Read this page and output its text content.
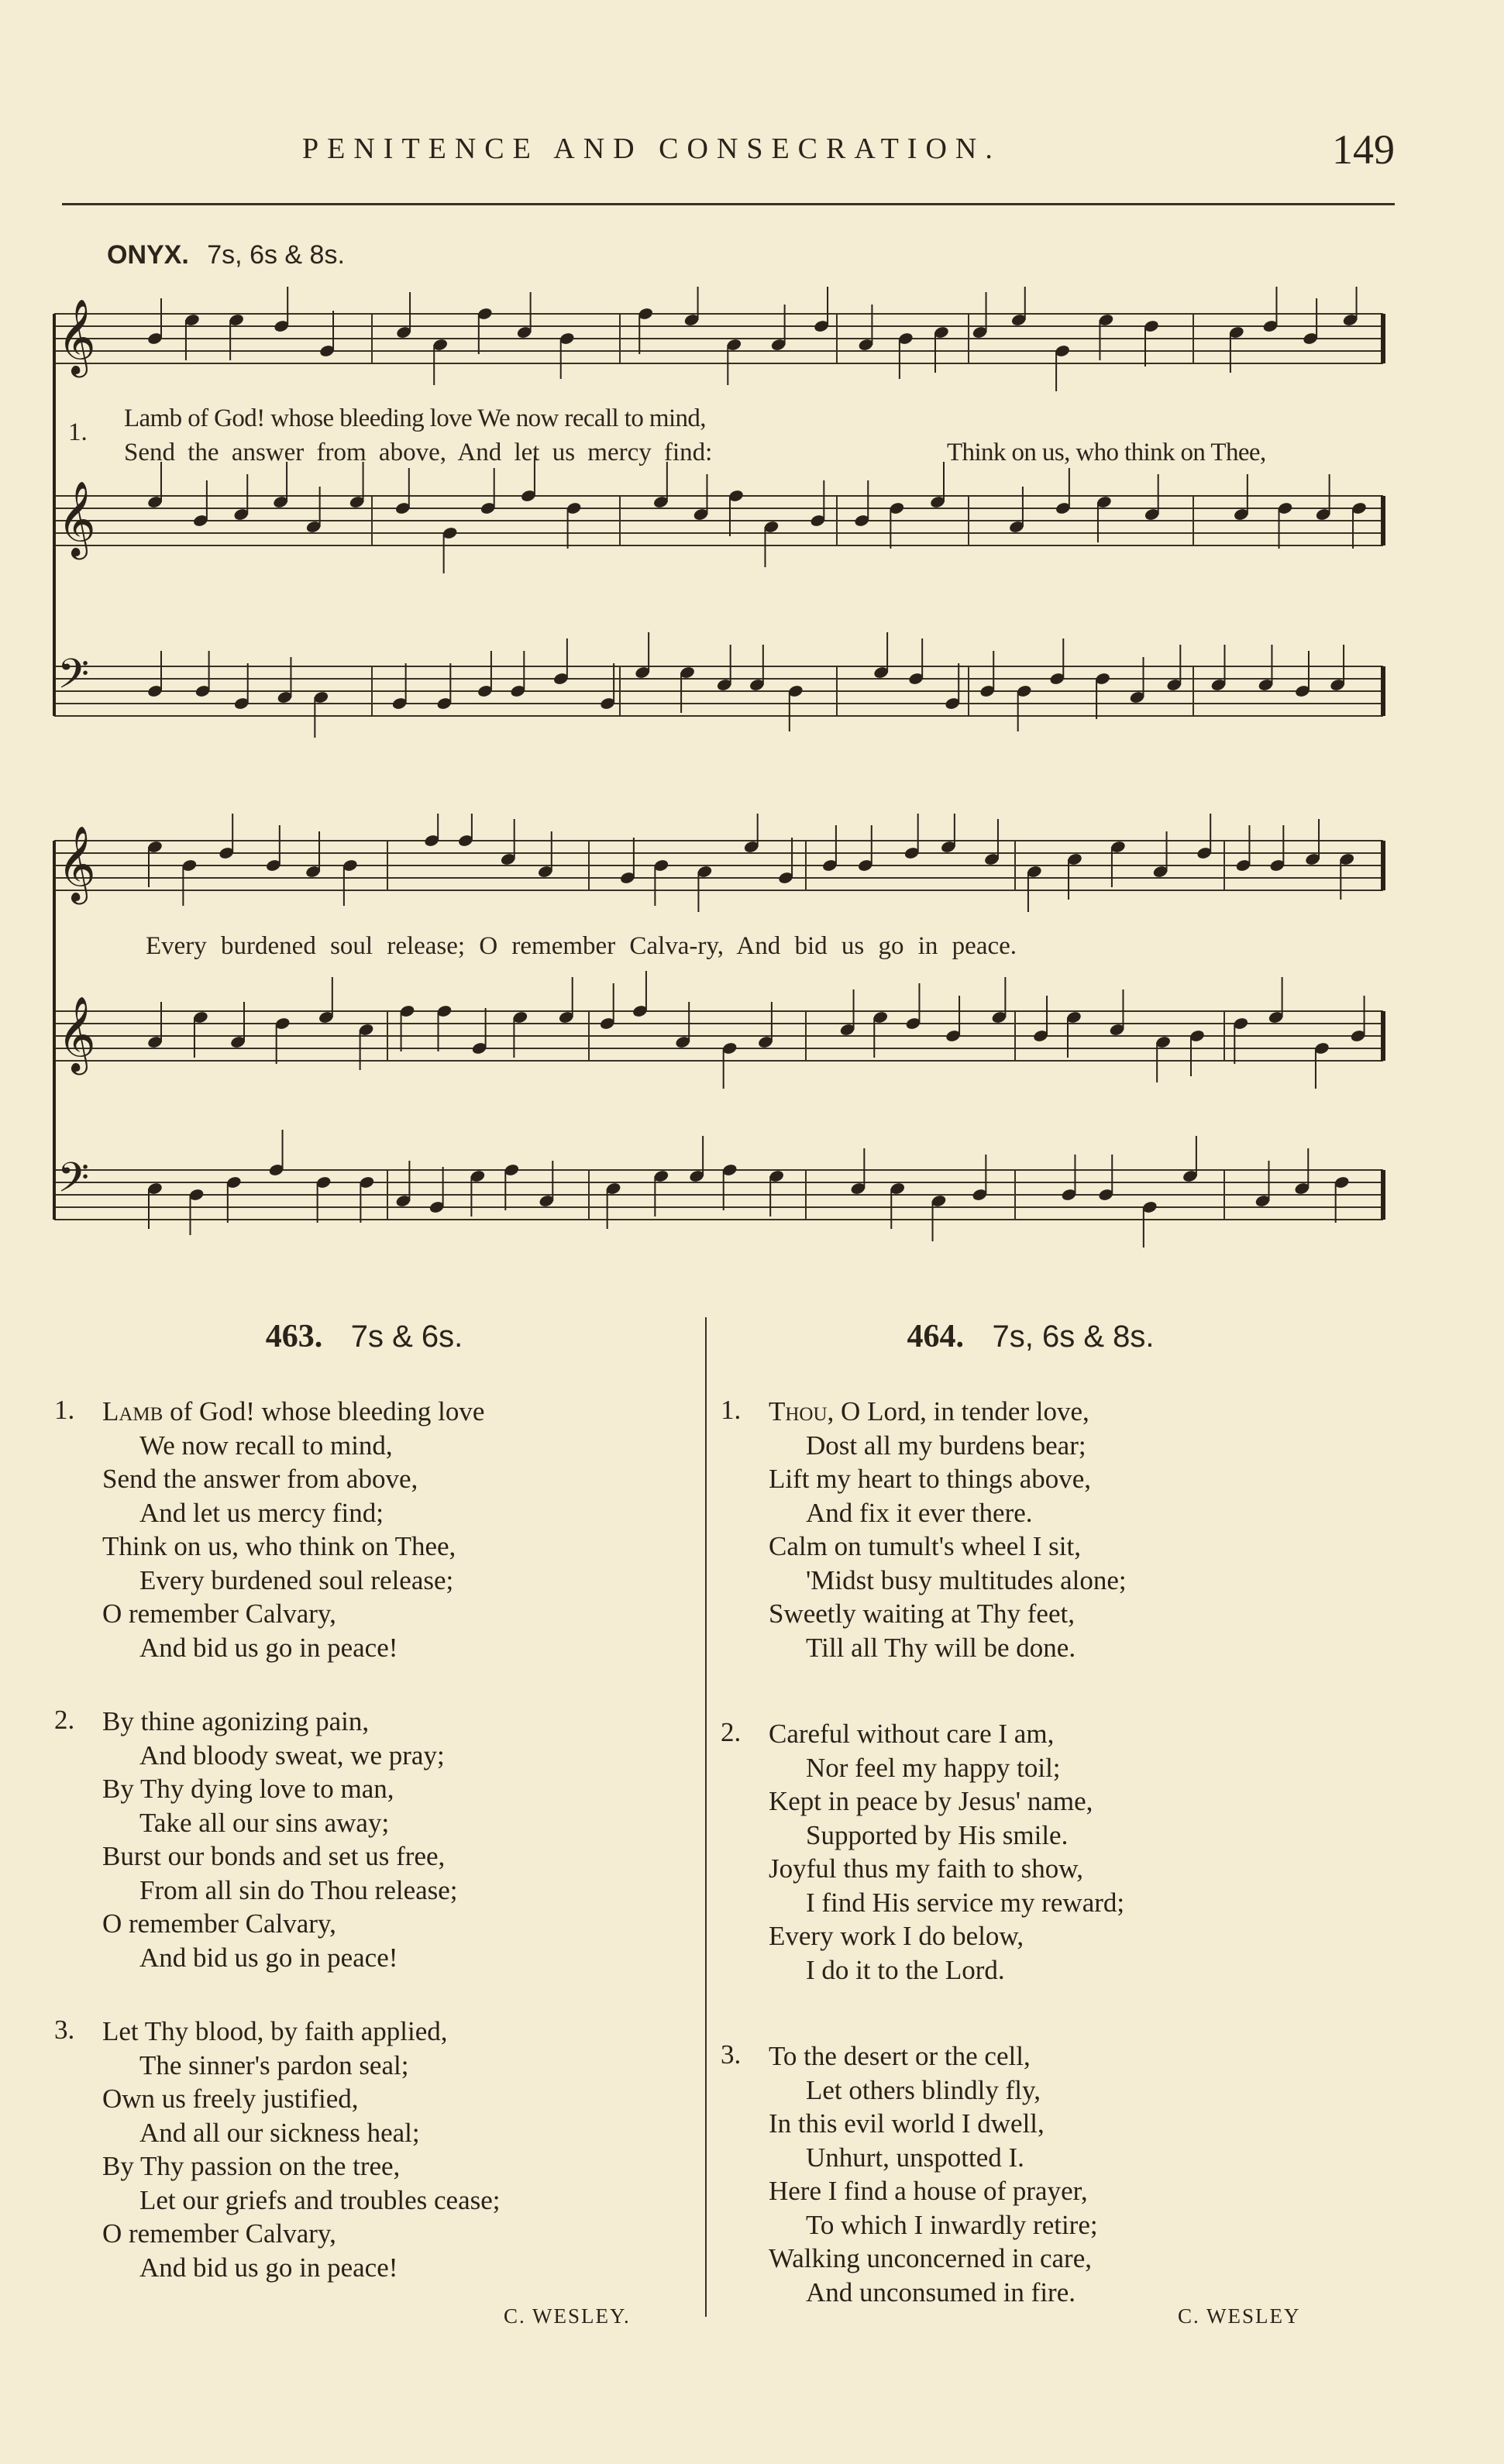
PENITENCE AND CONSECRATION.	149
ONYX. 7s, 6s & 8s.
𝄞
𝄞
𝄢
1. Lamb of God! whose bleeding love We now recall to mind,
Send the answer from above, And let us mercy find:	Think on us, who think on Thee,
𝄞
𝄞
𝄢
Every burdened soul release; O remember Calva-ry, And bid us go in peace.
463. 7s & 6s.
1.	Lamb of God! whose bleeding love
We now recall to mind,
Send the answer from above,
And let us mercy find;
Think on us, who think on Thee,
Every burdened soul release;
O remember Calvary,
And bid us go in peace!
2.	By thine agonizing pain,
And bloody sweat, we pray;
By Thy dying love to man,
Take all our sins away;
Burst our bonds and set us free,
From all sin do Thou release;
O remember Calvary,
And bid us go in peace!
3.	Let Thy blood, by faith applied,
The sinner's pardon seal;
Own us freely justified,
And all our sickness heal;
By Thy passion on the tree,
Let our griefs and troubles cease;
O remember Calvary,
And bid us go in peace!
464. 7s, 6s & 8s.
1.	Thou, O Lord, in tender love,
Dost all my burdens bear;
Lift my heart to things above,
And fix it ever there.
Calm on tumult's wheel I sit,
'Midst busy multitudes alone;
Sweetly waiting at Thy feet,
Till all Thy will be done.
2.	Careful without care I am,
Nor feel my happy toil;
Kept in peace by Jesus' name,
Supported by His smile.
Joyful thus my faith to show,
I find His service my reward;
Every work I do below,
I do it to the Lord.
3.	To the desert or the cell,
Let others blindly fly,
In this evil world I dwell,
Unhurt, unspotted I.
Here I find a house of prayer,
To which I inwardly retire;
Walking unconcerned in care,
And unconsumed in fire.
C. WESLEY.	C. WESLEY
